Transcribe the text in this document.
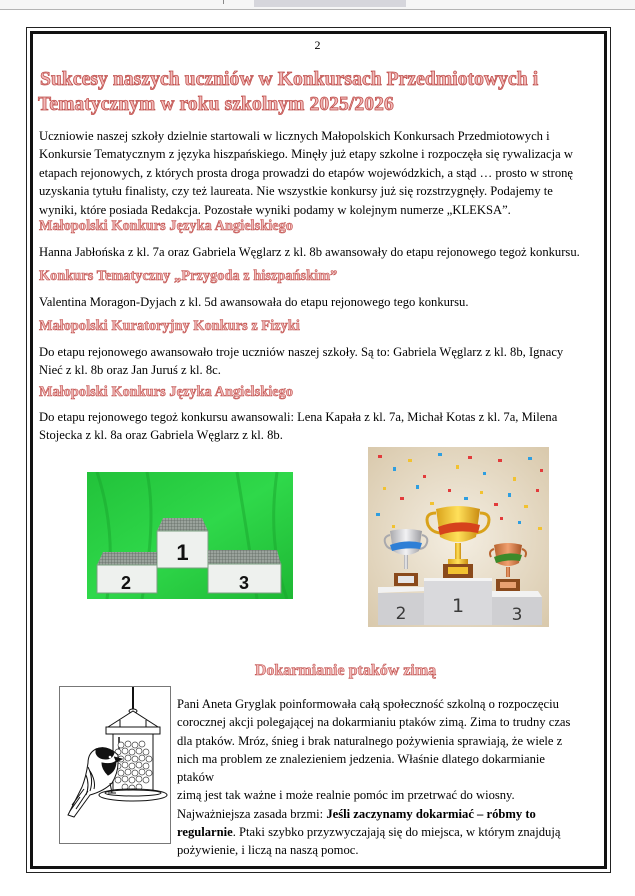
2
Sukcesy naszych uczniów w Konkursach Przedmiotowych i
Tematycznym w roku szkolnym 2025/2026
Uczniowie naszej szkoły dzielnie startowali w licznych Małopolskich Konkursach Przedmiotowych i
Konkursie Tematycznym z języka hiszpańskiego. Minęły już etapy szkolne i rozpoczęła się rywalizacja w
etapach rejonowych, z których prosta droga prowadzi do etapów wojewódzkich, a stąd … prosto w stronę
uzyskania tytułu finalisty, czy też laureata. Nie wszystkie konkursy już się rozstrzygnęły. Podajemy te
wyniki, które posiada Redakcja. Pozostałe wyniki podamy w kolejnym numerze „KLEKSA”.
Małopolski Konkurs Języka Angielskiego
Hanna Jabłońska z kl. 7a oraz Gabriela Węglarz z kl. 8b awansowały do etapu rejonowego tegoż konkursu.
Konkurs Tematyczny „Przygoda z hiszpańskim”
Valentina Moragon-Dyjach z kl. 5d awansowała do etapu rejonowego tego konkursu.
Małopolski Kuratoryjny Konkurs z Fizyki
Do etapu rejonowego awansowało troje uczniów naszej szkoły. Są to: Gabriela Węglarz z kl. 8b, Ignacy
Nieć z kl. 8b oraz Jan Juruś z kl. 8c.
Małopolski Konkurs Języka Angielskiego
Do etapu rejonowego tegoż konkursu awansowali: Lena Kapała z kl. 7a, Michał Kotas z kl. 7a, Milena
Stojecka z kl. 8a oraz Gabriela Węglarz z kl. 8b.
1
2	3
1
2	3
Dokarmianie ptaków zimą
Pani Aneta Gryglak poinformowała całą społeczność szkolną o rozpoczęciu
corocznej akcji polegającej na dokarmianiu ptaków zimą. Zima to trudny czas
dla ptaków. Mróz, śnieg i brak naturalnego pożywienia sprawiają, że wiele z
nich ma problem ze znalezieniem jedzenia. Właśnie dlatego dokarmianie ptaków
zimą jest tak ważne i może realnie pomóc im przetrwać do wiosny.
Najważniejsza zasada brzmi: Jeśli zaczynamy dokarmiać – róbmy to
regularnie. Ptaki szybko przyzwyczajają się do miejsca, w którym znajdują
pożywienie, i liczą na naszą pomoc.
